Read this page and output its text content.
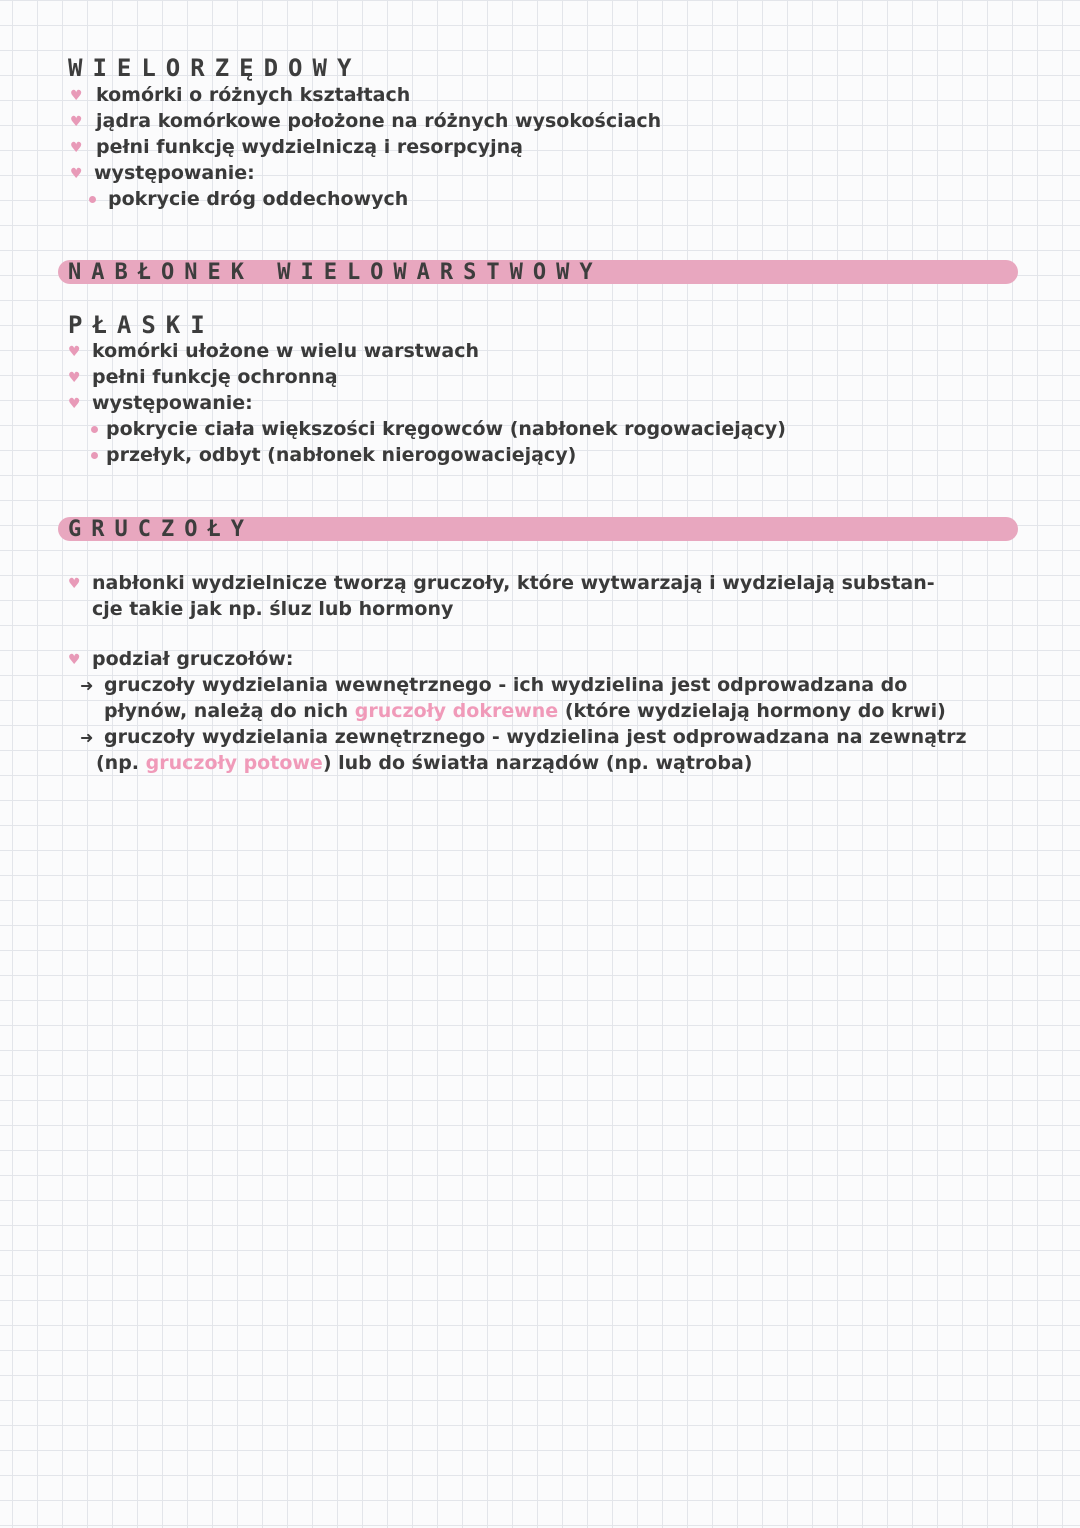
WIELORZĘDOWY
♥ komórki o różnych kształtach
♥ jądra komórkowe położone na różnych wysokościach
♥ pełni funkcję wydzielniczą i resorpcyjną
♥ występowanie:
pokrycie dróg oddechowych
NABŁONEK WIELOWARSTWOWY
PŁASKI
♥ komórki ułożone w wielu warstwach
♥ pełni funkcję ochronną
♥ występowanie:
pokrycie ciała większości kręgowców (nabłonek rogowaciejący)
przełyk, odbyt (nabłonek nierogowaciejący)
GRUCZOŁY
♥ nabłonki wydzielnicze tworzą gruczoły, które wytwarzają i wydzielają substan-
cje takie jak np. śluz lub hormony
♥ podział gruczołów:
➜ gruczoły wydzielania wewnętrznego - ich wydzielina jest odprowadzana do
płynów, należą do nich gruczoły dokrewne (które wydzielają hormony do krwi)
➜ gruczoły wydzielania zewnętrznego - wydzielina jest odprowadzana na zewnątrz
(np. gruczoły potowe) lub do światła narządów (np. wątroba)
